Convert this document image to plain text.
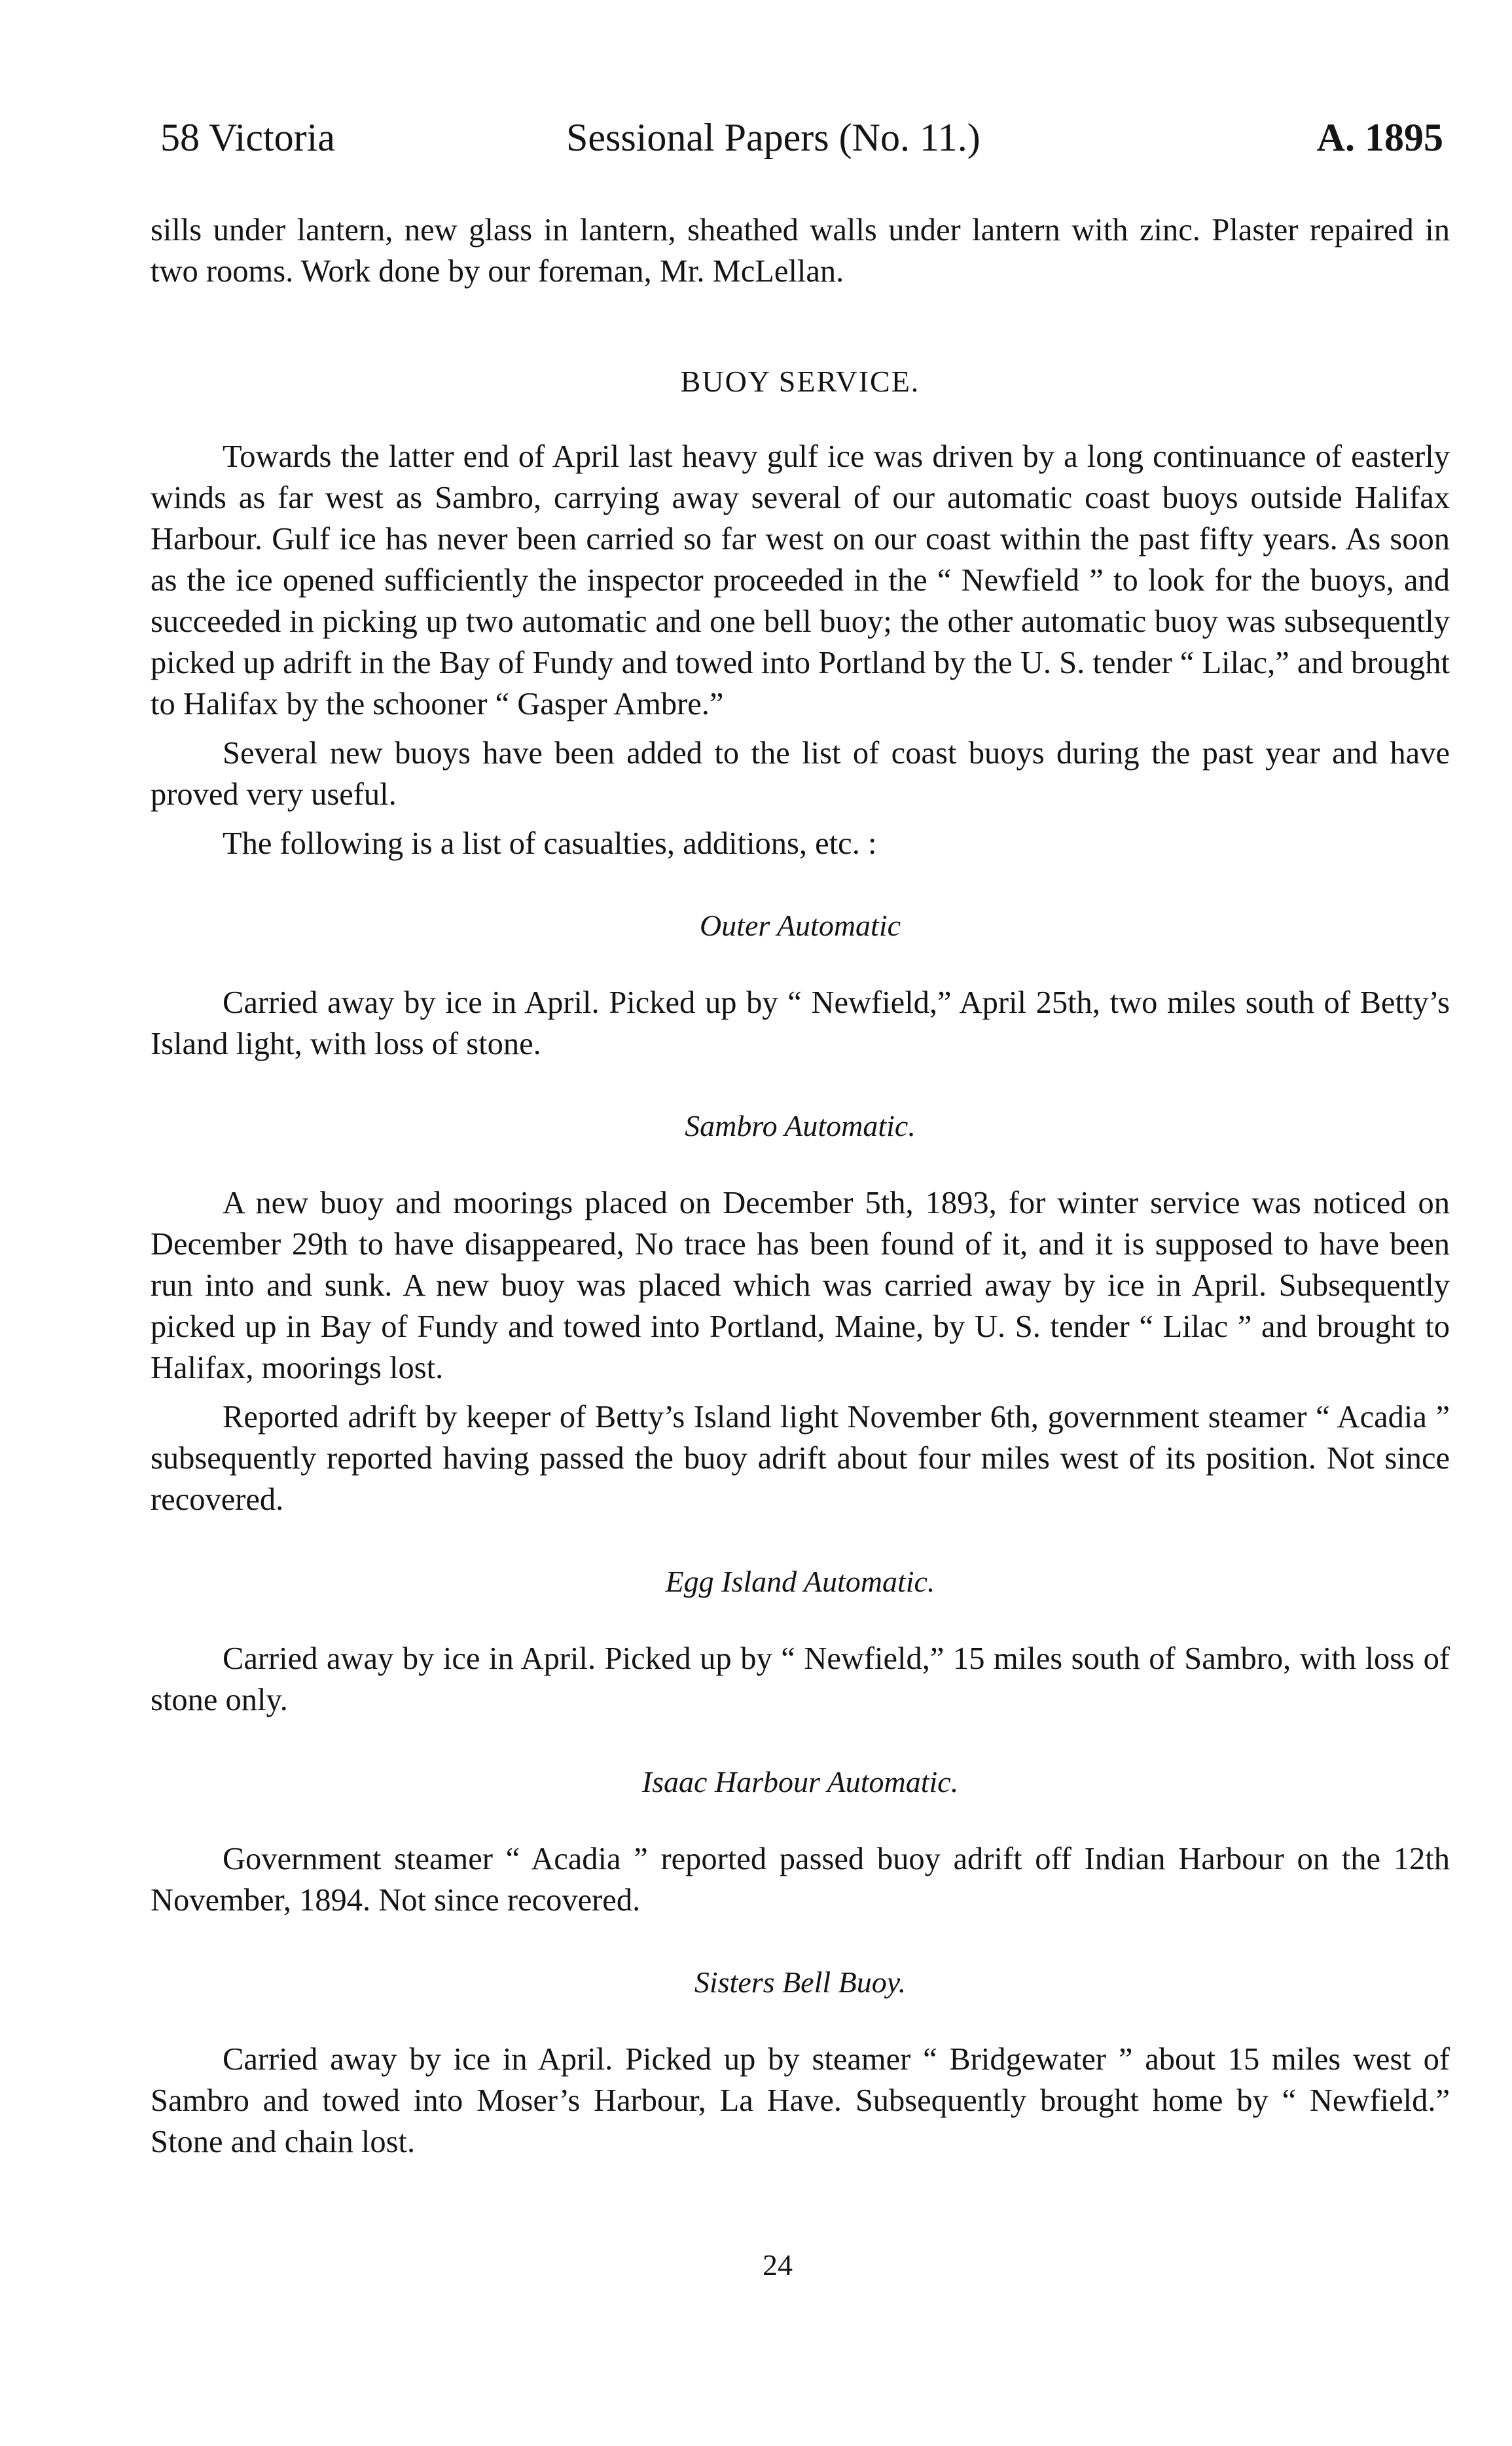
58 Victoria	Sessional Papers (No. 11.)	A. 1895

sills under lantern, new glass in lantern, sheathed walls under lantern with zinc. Plaster repaired in two rooms. Work done by our foreman, Mr. McLellan.

BUOY SERVICE.

Towards the latter end of April last heavy gulf ice was driven by a long continuance of easterly winds as far west as Sambro, carrying away several of our automatic coast buoys outside Halifax Harbour. Gulf ice has never been carried so far west on our coast within the past fifty years. As soon as the ice opened sufficiently the inspector proceeded in the “ Newfield ” to look for the buoys, and succeeded in picking up two automatic and one bell buoy; the other automatic buoy was subsequently picked up adrift in the Bay of Fundy and towed into Portland by the U. S. tender “ Lilac,” and brought to Halifax by the schooner “ Gasper Ambre.”

Several new buoys have been added to the list of coast buoys during the past year and have proved very useful.

The following is a list of casualties, additions, etc. :

Outer Automatic

Carried away by ice in April. Picked up by “ Newfield,” April 25th, two miles south of Betty’s Island light, with loss of stone.

Sambro Automatic.

A new buoy and moorings placed on December 5th, 1893, for winter service was noticed on December 29th to have disappeared, No trace has been found of it, and it is supposed to have been run into and sunk. A new buoy was placed which was carried away by ice in April. Subsequently picked up in Bay of Fundy and towed into Portland, Maine, by U. S. tender “ Lilac ” and brought to Halifax, moorings lost.

Reported adrift by keeper of Betty’s Island light November 6th, government steamer “ Acadia ” subsequently reported having passed the buoy adrift about four miles west of its position. Not since recovered.

Egg Island Automatic.

Carried away by ice in April. Picked up by “ Newfield,” 15 miles south of Sambro, with loss of stone only.

Isaac Harbour Automatic.

Government steamer “ Acadia ” reported passed buoy adrift off Indian Harbour on the 12th November, 1894. Not since recovered.

Sisters Bell Buoy.

Carried away by ice in April. Picked up by steamer “ Bridgewater ” about 15 miles west of Sambro and towed into Moser’s Harbour, La Have. Subsequently brought home by “ Newfield.” Stone and chain lost.

24
